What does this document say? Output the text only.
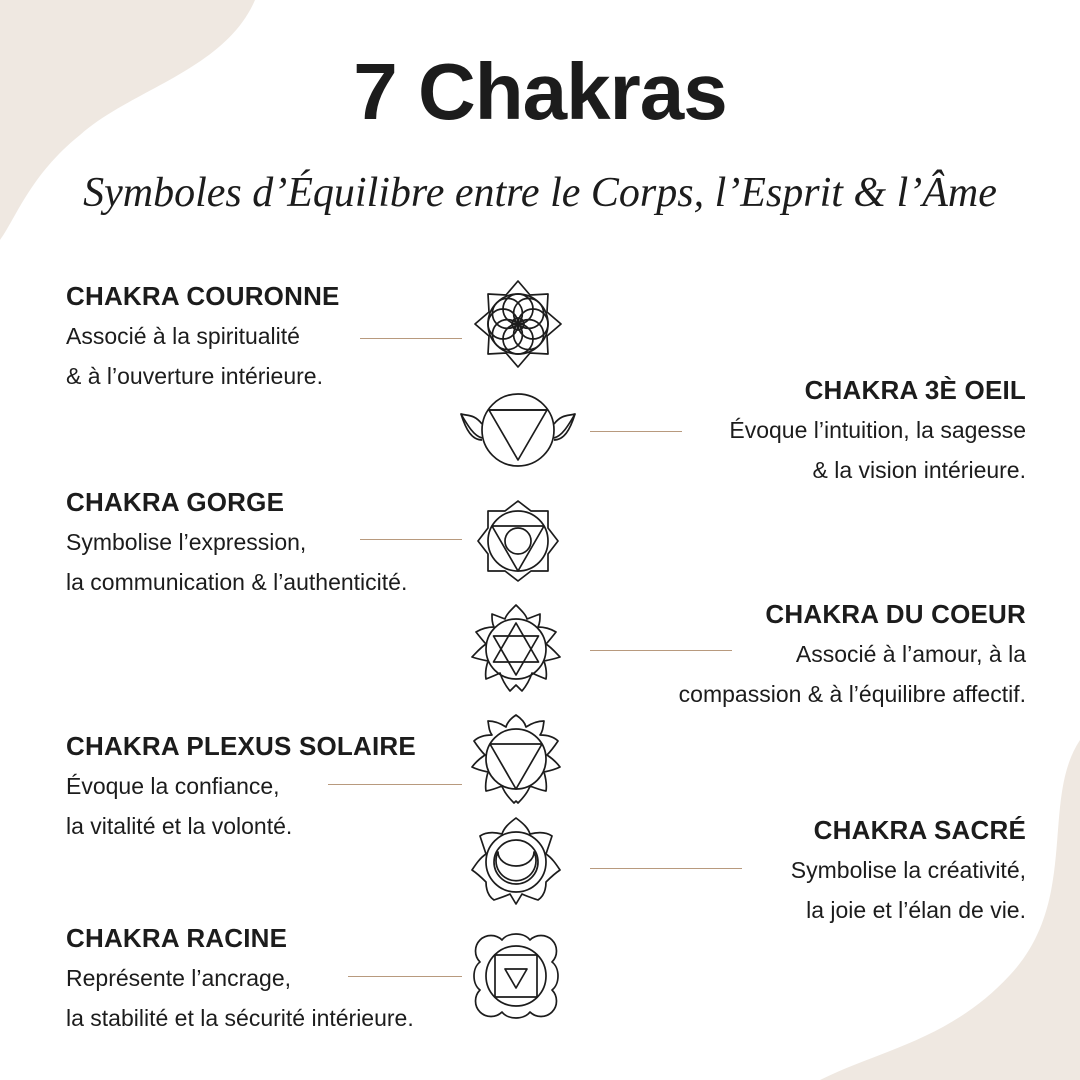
7 Chakras
Symboles d’Équilibre entre le Corps, l’Esprit & l’Âme
CHAKRA COURONNE

Associé à la spiritualité

& à l’ouverture intérieure.	CHAKRA 3È OEIL

Évoque l’intuition, la sagesse

& la vision intérieure.

CHAKRA GORGE

Symbolise l’expression,

la communication & l’authenticité.

CHAKRA DU COEUR

Associé à l’amour, à la

compassion & à l’équilibre affectif.

CHAKRA PLEXUS SOLAIRE

Évoque la confiance,

la vitalité et la volonté.	CHAKRA SACRÉ

Symbolise la créativité,

la joie et l’élan de vie.

CHAKRA RACINE

Représente l’ancrage,

la stabilité et la sécurité intérieure.
